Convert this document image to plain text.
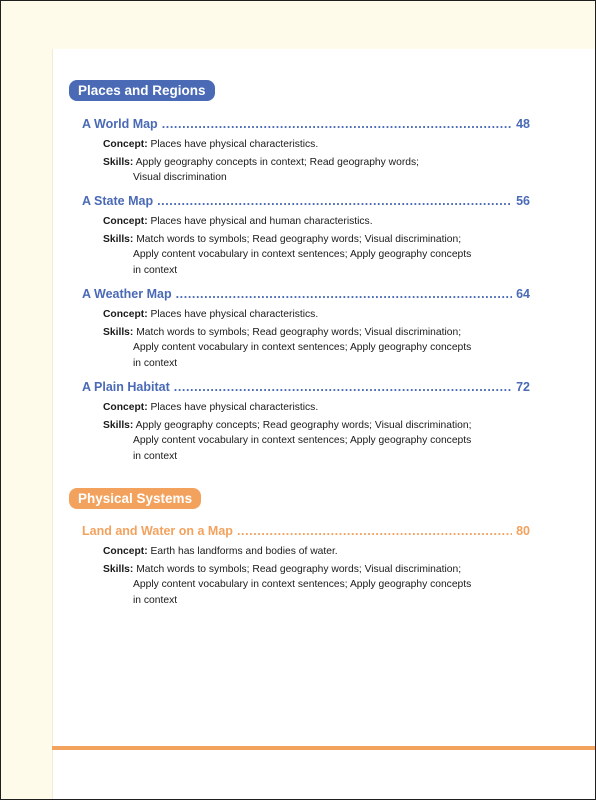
Places and Regions
A World Map .....	48
Concept: Places have physical characteristics.
Skills: Apply geography concepts in context; Read geography words;
Visual discrimination
A State Map .....	56
Concept: Places have physical and human characteristics.
Skills: Match words to symbols; Read geography words; Visual discrimination;
Apply content vocabulary in context sentences; Apply geography concepts
in context
A Weather Map .....	64
Concept: Places have physical characteristics.
Skills: Match words to symbols; Read geography words; Visual discrimination;
Apply content vocabulary in context sentences; Apply geography concepts
in context
A Plain Habitat .....	72
Concept: Places have physical characteristics.
Skills: Apply geography concepts; Read geography words; Visual discrimination;
Apply content vocabulary in context sentences; Apply geography concepts
in context
Physical Systems
Land and Water on a Map .....	80
Concept: Earth has landforms and bodies of water.
Skills: Match words to symbols; Read geography words; Visual discrimination;
Apply content vocabulary in context sentences; Apply geography concepts
in context
